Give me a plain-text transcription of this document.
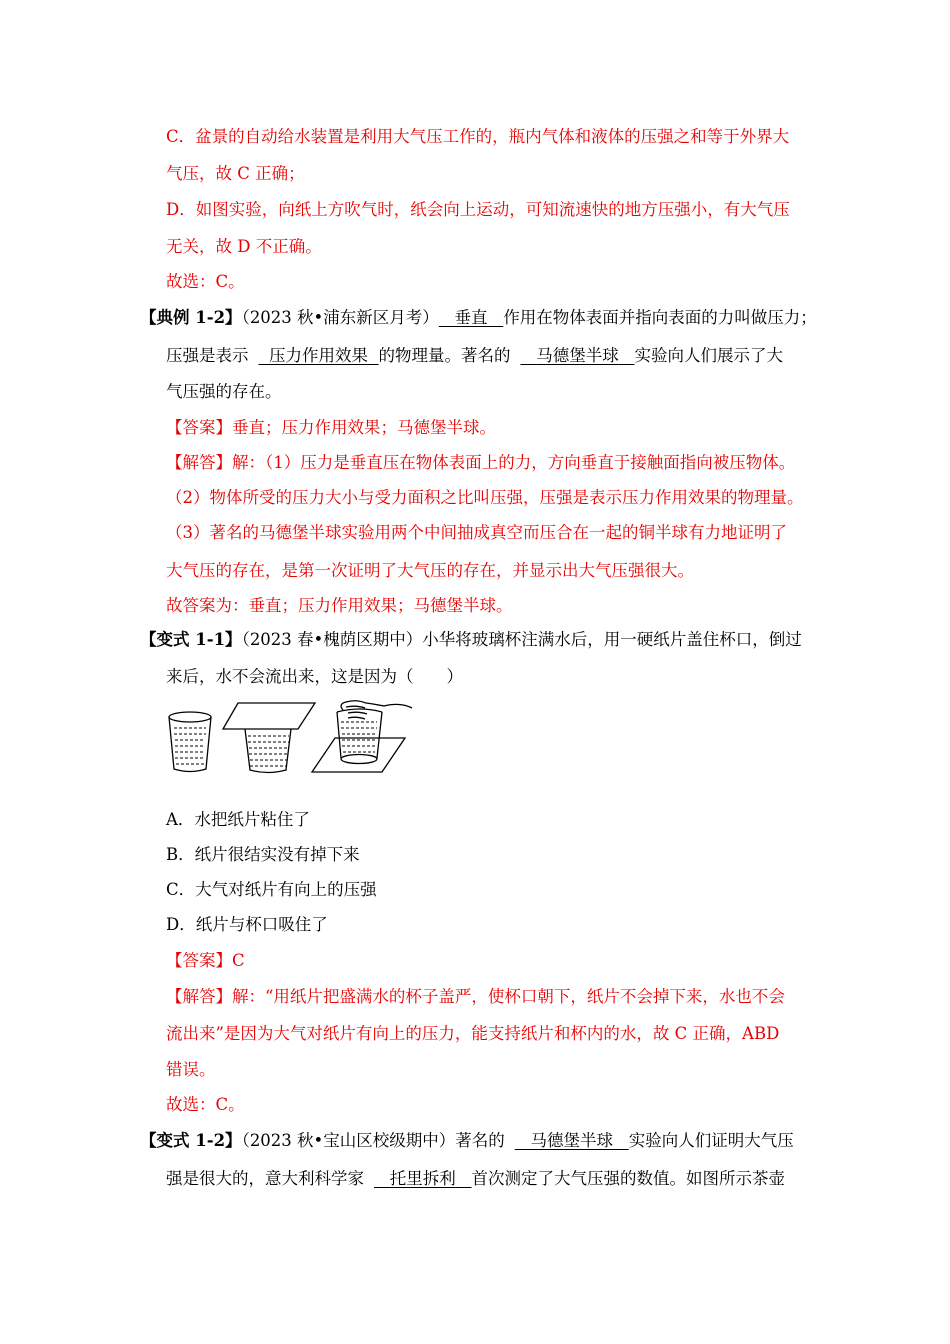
C．盆景的自动给水装置是利用大气压工作的，瓶内气体和液体的压强之和等于外界大
气压，故 C 正确；
D．如图实验，向纸上方吹气时，纸会向上运动，可知流速快的地方压强小，有大气压
无关，故 D 不正确。
故选：C。
【典例 1-2】（2023 秋•浦东新区月考） 垂直 作用在物体表面并指向表面的力叫做压力；
压强是表示 压力作用效果 的物理量。著名的 马德堡半球 实验向人们展示了大
气压强的存在。
【答案】垂直；压力作用效果；马德堡半球。
【解答】解：（1）压力是垂直压在物体表面上的力，方向垂直于接触面指向被压物体。
（2）物体所受的压力大小与受力面积之比叫压强，压强是表示压力作用效果的物理量。
（3）著名的马德堡半球实验用两个中间抽成真空而压合在一起的铜半球有力地证明了
大气压的存在，是第一次证明了大气压的存在，并显示出大气压强很大。
故答案为：垂直；压力作用效果；马德堡半球。
【变式 1-1】（2023 春•槐荫区期中）小华将玻璃杯注满水后，用一硬纸片盖住杯口，倒过
来后，水不会流出来，这是因为（　　）
A．水把纸片粘住了
B．纸片很结实没有掉下来
C．大气对纸片有向上的压强
D．纸片与杯口吸住了
【答案】C
【解答】解：“用纸片把盛满水的杯子盖严，使杯口朝下，纸片不会掉下来，水也不会
流出来”是因为大气对纸片有向上的压力，能支持纸片和杯内的水，故 C 正确，ABD
错误。
故选：C。
【变式 1-2】（2023 秋•宝山区校级期中）著名的 马德堡半球 实验向人们证明大气压
强是很大的，意大利科学家 托里拆利 首次测定了大气压强的数值。如图所示茶壶
